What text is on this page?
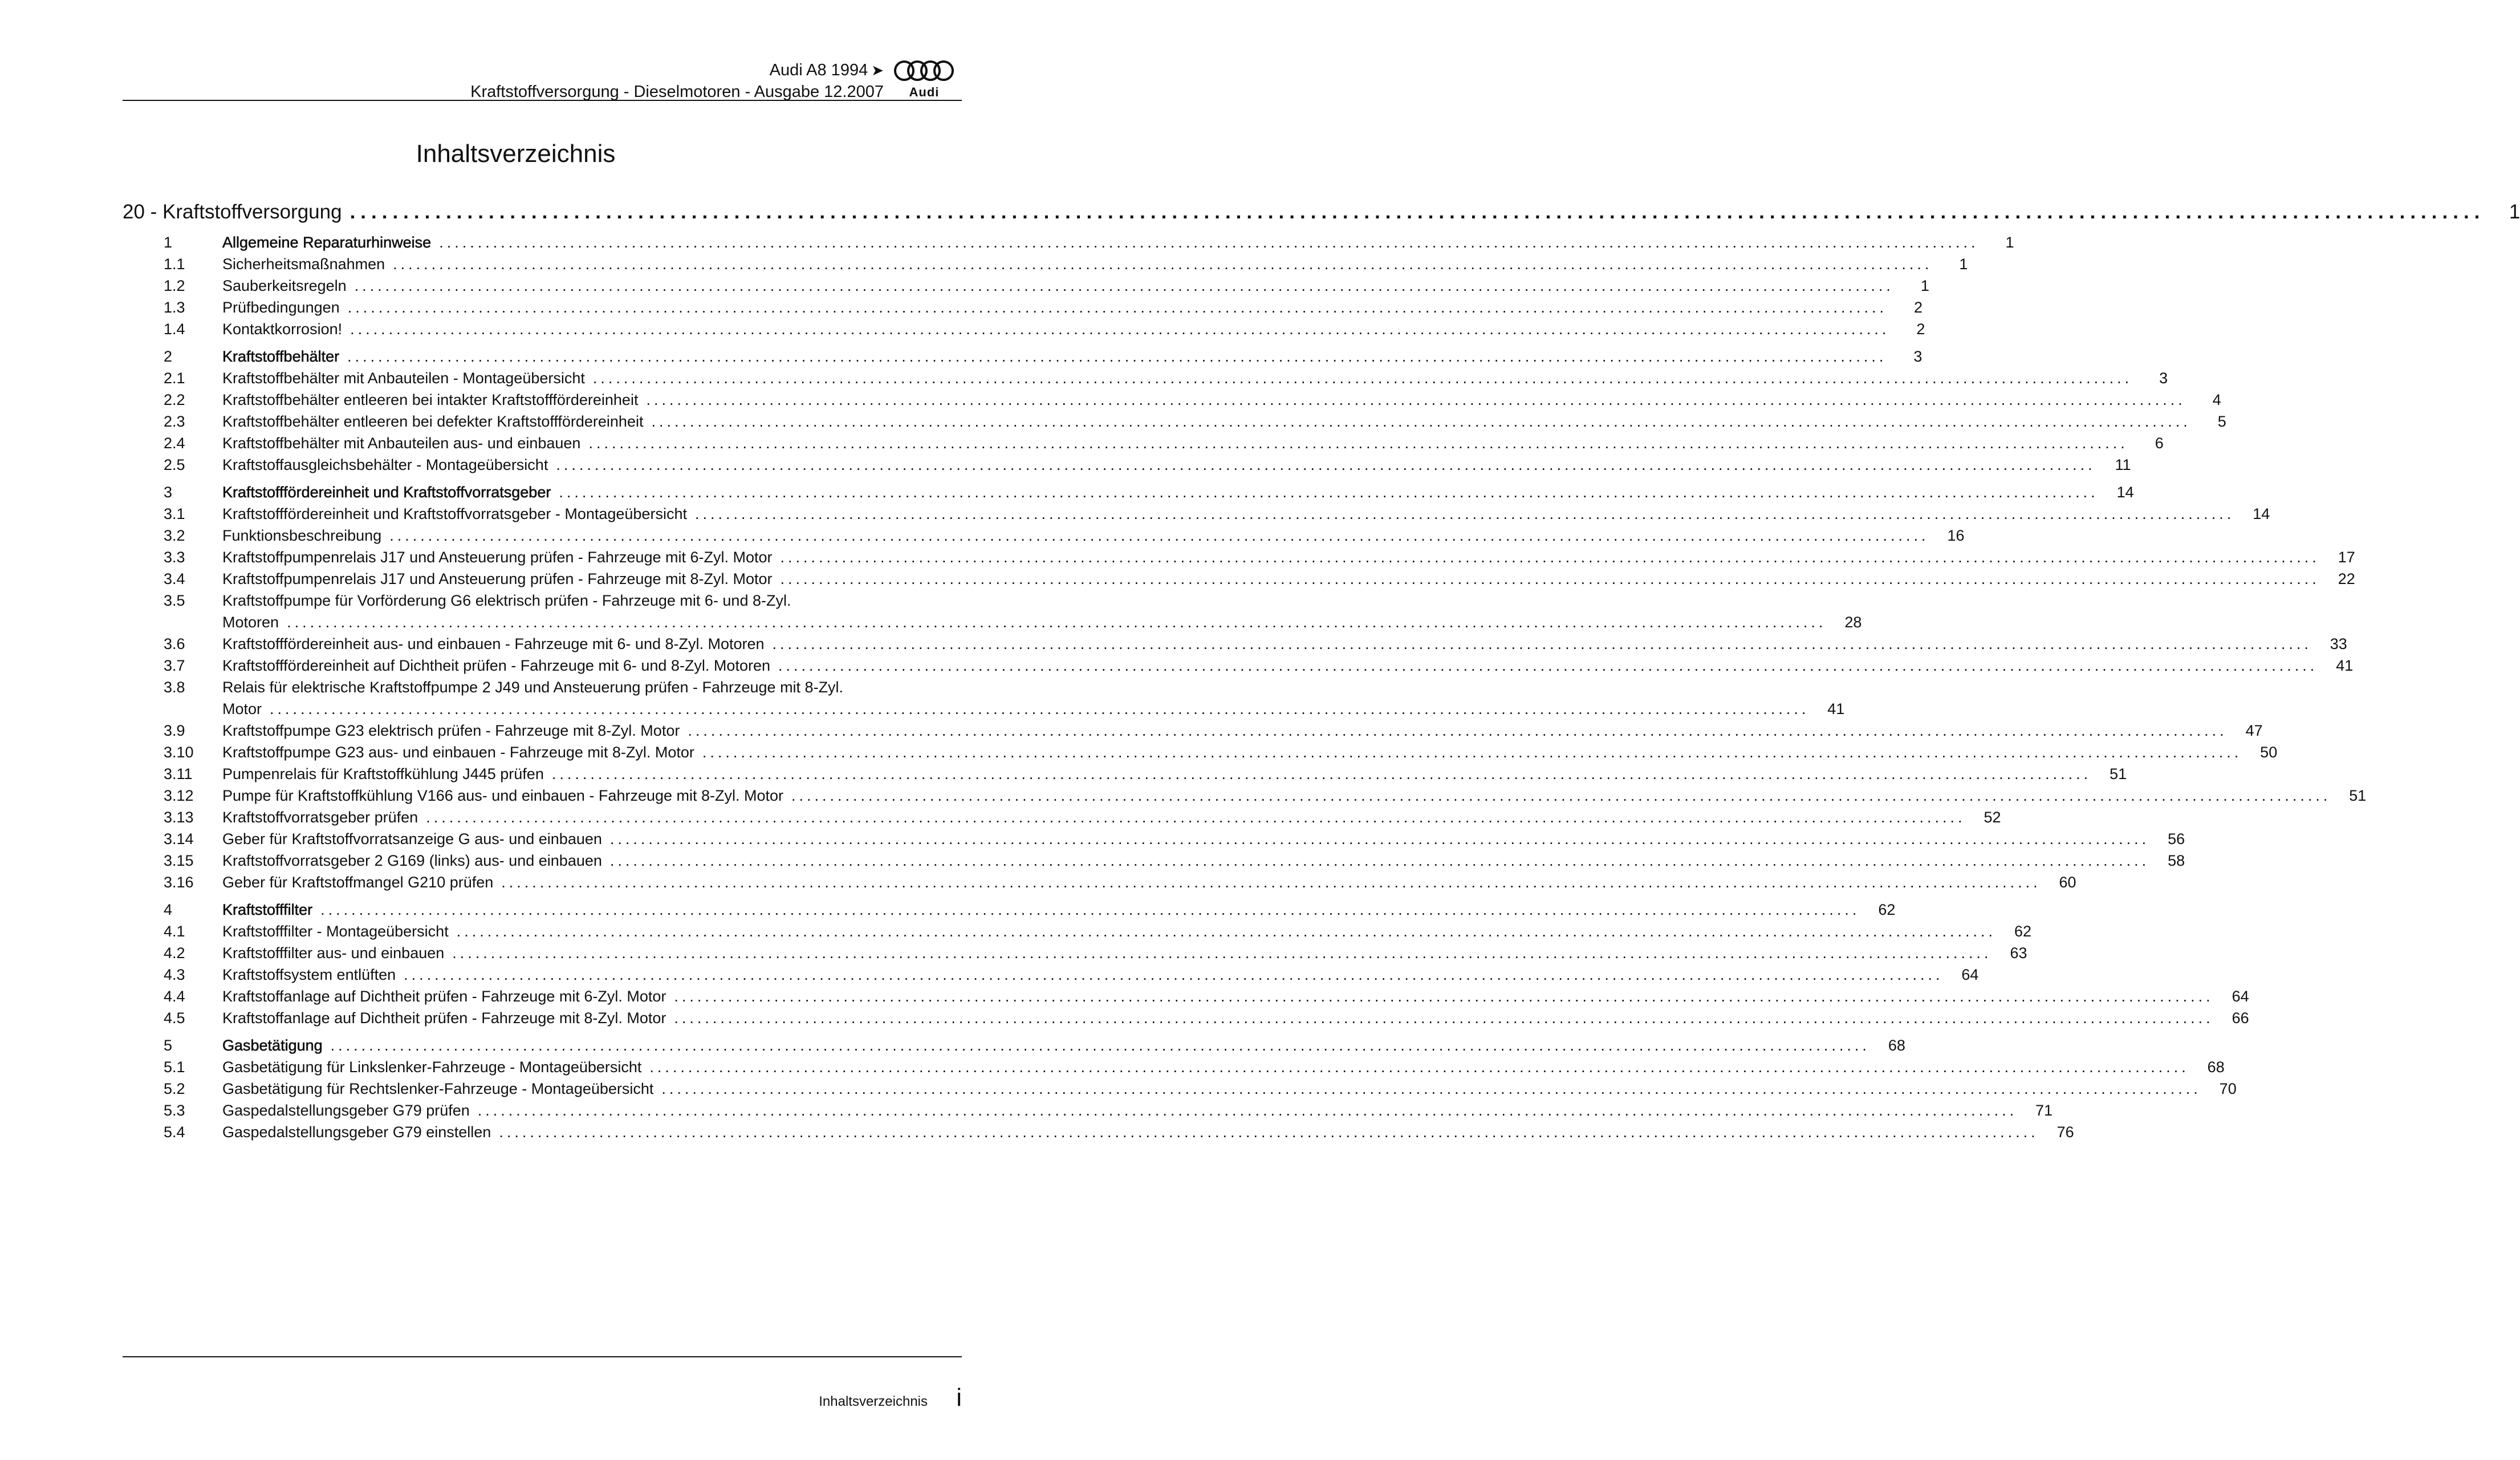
Audi A8 1994 ➤
Kraftstoffversorgung - Dieselmotoren - Ausgabe 12.2007	Audi
Inhaltsverzeichnis
20 - Kraftstoffversorgung ........................................................................................................................................................................................................	1
1	Allgemeine Reparaturhinweise ........................................................................................................................................................................................................	1
1.1	Sicherheitsmaßnahmen ........................................................................................................................................................................................................	1
1.2	Sauberkeitsregeln ........................................................................................................................................................................................................	1
1.3	Prüfbedingungen ........................................................................................................................................................................................................	2
1.4	Kontaktkorrosion! ........................................................................................................................................................................................................	2
2	Kraftstoffbehälter ........................................................................................................................................................................................................	3
2.1	Kraftstoffbehälter mit Anbauteilen - Montageübersicht ........................................................................................................................................................................................................	3
2.2	Kraftstoffbehälter entleeren bei intakter Kraftstofffördereinheit ........................................................................................................................................................................................................	4
2.3	Kraftstoffbehälter entleeren bei defekter Kraftstofffördereinheit ........................................................................................................................................................................................................	5
2.4	Kraftstoffbehälter mit Anbauteilen aus- und einbauen ........................................................................................................................................................................................................	6
2.5	Kraftstoffausgleichsbehälter - Montageübersicht ........................................................................................................................................................................................................	11
3	Kraftstofffördereinheit und Kraftstoffvorratsgeber ........................................................................................................................................................................................................	14
3.1	Kraftstofffördereinheit und Kraftstoffvorratsgeber - Montageübersicht ........................................................................................................................................................................................................	14
3.2	Funktionsbeschreibung ........................................................................................................................................................................................................	16
3.3	Kraftstoffpumpenrelais J17 und Ansteuerung prüfen - Fahrzeuge mit 6-Zyl. Motor ........................................................................................................................................................................................................	17
3.4	Kraftstoffpumpenrelais J17 und Ansteuerung prüfen - Fahrzeuge mit 8-Zyl. Motor ........................................................................................................................................................................................................	22
3.5	Kraftstoffpumpe für Vorförderung G6 elektrisch prüfen - Fahrzeuge mit 6- und 8-Zyl.
Motoren ........................................................................................................................................................................................................	28
3.6	Kraftstofffördereinheit aus- und einbauen - Fahrzeuge mit 6- und 8-Zyl. Motoren ........................................................................................................................................................................................................	33
3.7	Kraftstofffördereinheit auf Dichtheit prüfen - Fahrzeuge mit 6- und 8-Zyl. Motoren ........................................................................................................................................................................................................	41
3.8	Relais für elektrische Kraftstoffpumpe 2 J49 und Ansteuerung prüfen - Fahrzeuge mit 8-Zyl.
Motor ........................................................................................................................................................................................................	41
3.9	Kraftstoffpumpe G23 elektrisch prüfen - Fahrzeuge mit 8-Zyl. Motor ........................................................................................................................................................................................................	47
3.10	Kraftstoffpumpe G23 aus- und einbauen - Fahrzeuge mit 8-Zyl. Motor ........................................................................................................................................................................................................	50
3.11	Pumpenrelais für Kraftstoffkühlung J445 prüfen ........................................................................................................................................................................................................	51
3.12	Pumpe für Kraftstoffkühlung V166 aus- und einbauen - Fahrzeuge mit 8-Zyl. Motor ........................................................................................................................................................................................................	51
3.13	Kraftstoffvorratsgeber prüfen ........................................................................................................................................................................................................	52
3.14	Geber für Kraftstoffvorratsanzeige G aus- und einbauen ........................................................................................................................................................................................................	56
3.15	Kraftstoffvorratsgeber 2 G169 (links) aus- und einbauen ........................................................................................................................................................................................................	58
3.16	Geber für Kraftstoffmangel G210 prüfen ........................................................................................................................................................................................................	60
4	Kraftstofffilter ........................................................................................................................................................................................................	62
4.1	Kraftstofffilter - Montageübersicht ........................................................................................................................................................................................................	62
4.2	Kraftstofffilter aus- und einbauen ........................................................................................................................................................................................................	63
4.3	Kraftstoffsystem entlüften ........................................................................................................................................................................................................	64
4.4	Kraftstoffanlage auf Dichtheit prüfen - Fahrzeuge mit 6-Zyl. Motor ........................................................................................................................................................................................................	64
4.5	Kraftstoffanlage auf Dichtheit prüfen - Fahrzeuge mit 8-Zyl. Motor ........................................................................................................................................................................................................	66
5	Gasbetätigung ........................................................................................................................................................................................................	68
5.1	Gasbetätigung für Linkslenker-Fahrzeuge - Montageübersicht ........................................................................................................................................................................................................	68
5.2	Gasbetätigung für Rechtslenker-Fahrzeuge - Montageübersicht ........................................................................................................................................................................................................	70
5.3	Gaspedalstellungsgeber G79 prüfen ........................................................................................................................................................................................................	71
5.4	Gaspedalstellungsgeber G79 einstellen ........................................................................................................................................................................................................	76
Inhaltsverzeichnis i
